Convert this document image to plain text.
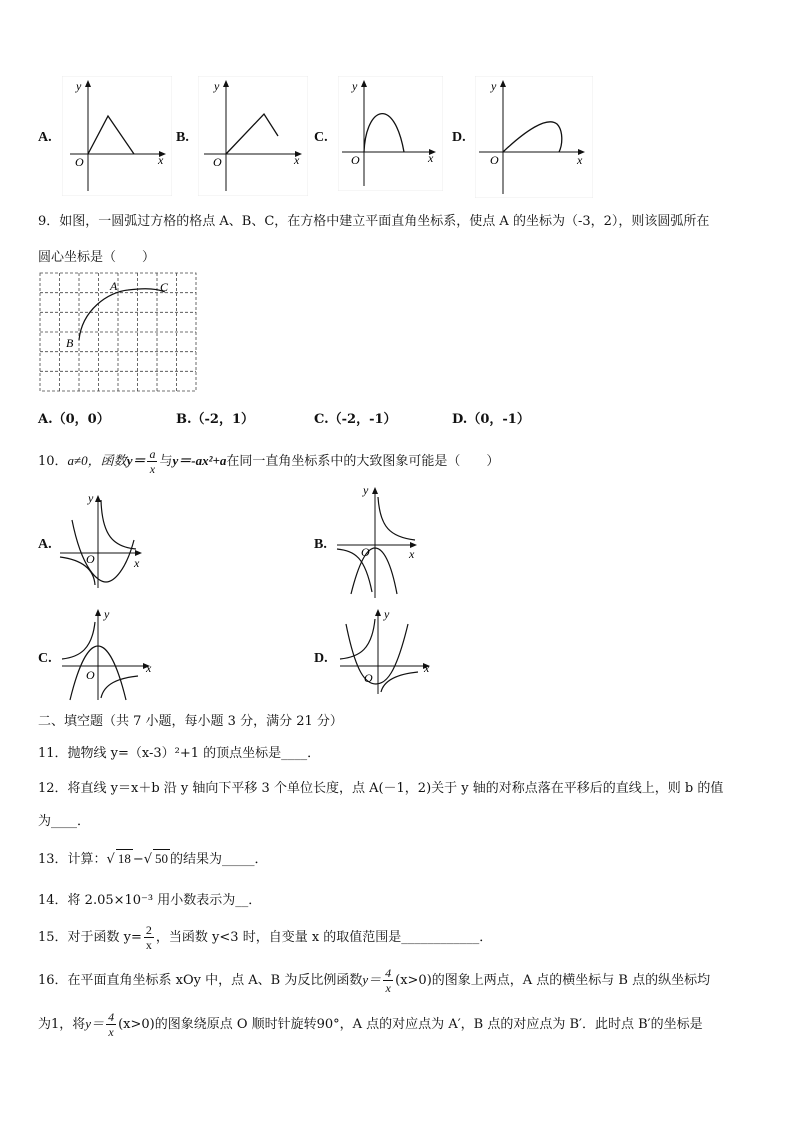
A.
O
y
x
B.
O
y
x
C.
O
y
x
D.
O
y
x
9．如图，一圆弧过方格的格点 A、B、C，在方格中建立平面直角坐标系，使点 A 的坐标为（-3，2），则该圆弧所在
圆心坐标是（　　）
A
B
C
A.（0，0）	B.（-2，1）	C.（-2，-1）	D.（0，-1）
10．a≠0，函数$y= \frac{a}{x}$ 与y＝-ax²+a在同一直角坐标系中的大致图象可能是（　　）
A.
O
y
x
B.	O
y
x
C.
O
y
x
D.
O
y
x
二、填空题（共 7 小题，每小题 3 分，满分 21 分）
11．抛物线 y=（x-3）²+1 的顶点坐标是____．
12．将直线 y＝x＋b 沿 y 轴向下平移 3 个单位长度，点 A(－1，2)关于 y 轴的对称点落在平移后的直线上，则 b 的值
为____．
13．计算：√ 18 −√ 50 的结果为_____．
14．将 2.05×10⁻³ 用小数表示为__．
15．对于函数 $y= \frac{2}{x}$ ，当函数 y<3 时，自变量 x 的取值范围是____________．
16．在平面直角坐标系 xOy 中，点 A、B 为反比例函数$y= \frac{4}{x} (x>0)$的图象上两点，A 点的横坐标与 B 点的纵坐标均
为1，将$y= \frac{4}{x} (x>0)$的图象绕原点 O 顺时针旋转90°，A 点的对应点为 A′，B 点的对应点为 B′．此时点 B′的坐标是
